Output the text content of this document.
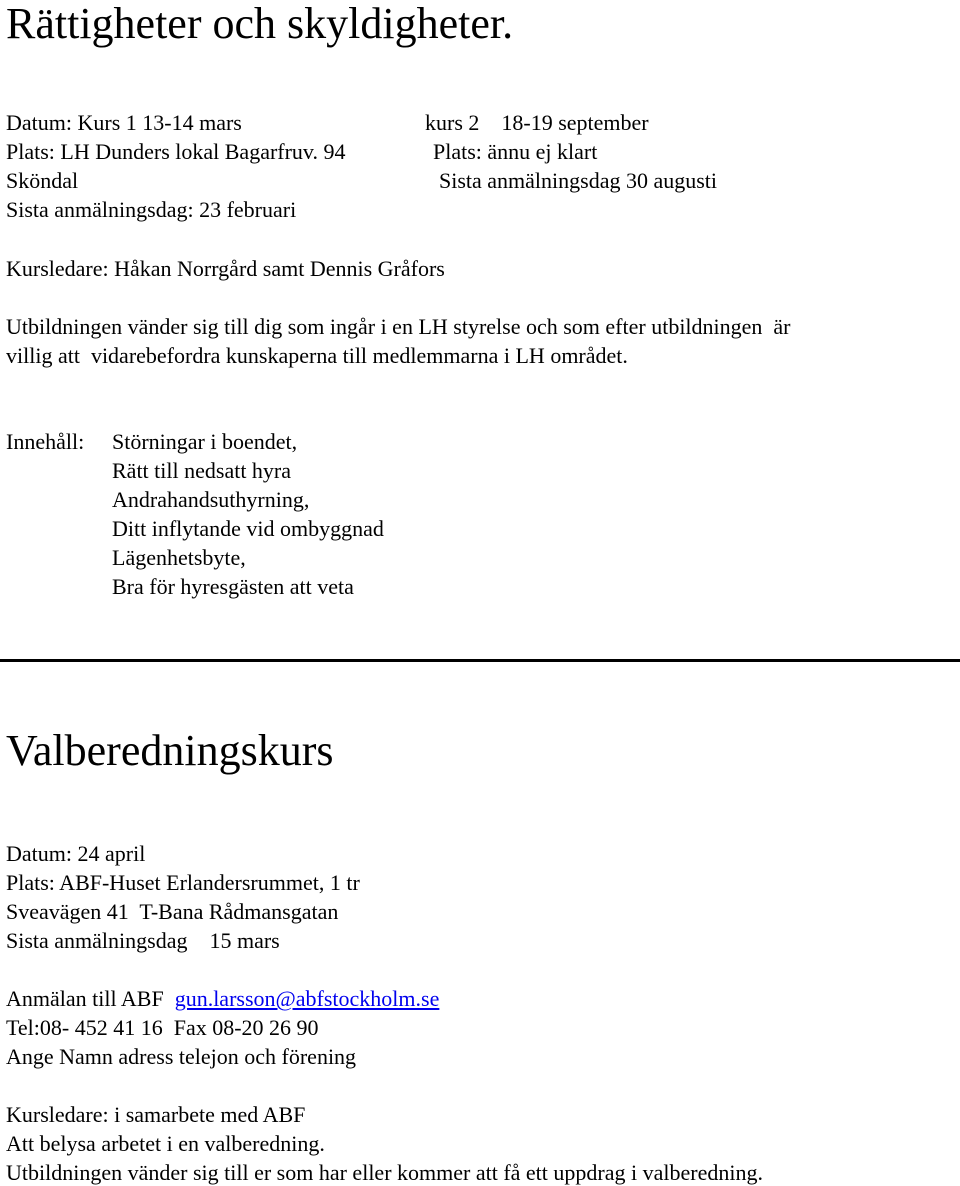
Rättigheter och skyldigheter.
Datum: Kurs 1 13-14 mars
Plats: LH Dunders lokal Bagarfruv. 94
Sköndal
Sista anmälningsdag: 23 februari
kurs 2    18-19 september
Plats: ännu ej klart
Sista anmälningsdag 30 augusti
Kursledare: Håkan Norrgård samt Dennis Gråfors
Utbildningen vänder sig till dig som ingår i en LH styrelse och som efter utbildningen  är
villig att  vidarebefordra kunskaperna till medlemmarna i LH området.
Innehåll: Störningar i boendet,
Rätt till nedsatt hyra
Andrahandsuthyrning,
Ditt inflytande vid ombyggnad
Lägenhetsbyte,
Bra för hyresgästen att veta
Valberedningskurs
Datum: 24 april
Plats: ABF-Huset Erlandersrummet, 1 tr
Sveavägen 41  T-Bana Rådmansgatan
Sista anmälningsdag    15 mars
Anmälan till ABF  gun.larsson@abfstockholm.se
Tel:08- 452 41 16  Fax 08-20 26 90
Ange Namn adress telejon och förening
Kursledare: i samarbete med ABF
Att belysa arbetet i en valberedning.
Utbildningen vänder sig till er som har eller kommer att få ett uppdrag i valberedning.
